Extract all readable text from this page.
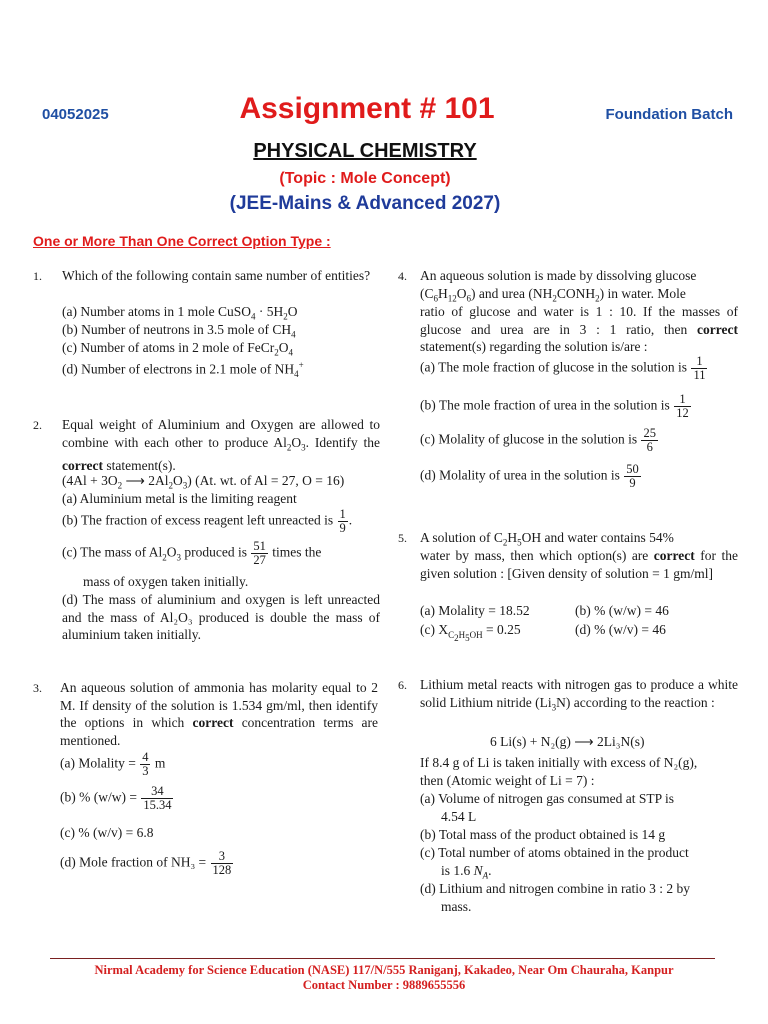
04052025	Assignment # 101	Foundation Batch
PHYSICAL CHEMISTRY
(Topic : Mole Concept)
(JEE-Mains & Advanced 2027)
One or More Than One Correct Option Type :
1. Which of the following contain same number of entities?
(a) Number atoms in 1 mole CuSO$_4$ · $5H_2O$
(b) Number of neutrons in 3.5 mole of $CH_4$
(c) Number of atoms in 2 mole of $FeCr_2O_4$
(d) Number of electrons in 2.1 mole of $NH_4^+$
2. Equal weight of Aluminium and Oxygen are allowed to combine with each other to produce $Al_2O_3$. Identify the correct statement(s).
($4Al + 3O_2$ ⟶ $2Al_2O_3$) (At. wt. of Al = 27, O = 16)
(a) Aluminium metal is the limiting reagent
(b) The fraction of excess reagent left unreacted is $\frac{1}{9}$ .
(c) The mass of $Al_2O_3$ produced is $\frac{51}{27}$ times the
mass of oxygen taken initially.
(d) The mass of aluminium and oxygen is left unreacted and the mass of Al₂O₃ produced is double the mass of aluminium taken initially.
3. An aqueous solution of ammonia has molarity equal to 2 M. If density of the solution is 1.534 gm/ml, then identify the options in which correct concentration terms are mentioned.
(a) Molality = $\frac{4}{3}$ m
(b) % $(w/w) = \frac{34}{15.34}$
(c) % (w/v) = 6.8
(d) Mole fraction of $NH_3 = \frac{3}{128}$
4. An aqueous solution is made by dissolving glucose
$(C_6H_{12}O_6)$ and urea $(NH_2CONH_2)$ in water. Mole
ratio of glucose and water is 1 : 10. If the masses of glucose and urea are in 3 : 1 ratio, then correct statement(s) regarding the solution is/are :
(a) The mole fraction of glucose in the solution is $\frac{1}{11}$
(b) The mole fraction of urea in the solution is $\frac{1}{12}$
(c) Molality of glucose in the solution is $\frac{25}{6}$
(d) Molality of urea in the solution is $\frac{50}{9}$
5. A solution of $C_2H_5OH$ and water contains 54%
water by mass, then which option(s) are correct for the given solution : [Given density of solution = 1 gm/ml]
(a) Molality = 18.52	(b) % (w/w) = 46
(c) $X_{C_2H_5OH} = 0.25$	(d) % (w/v) = 46
6. Lithium metal reacts with nitrogen gas to produce a white solid Lithium nitride $(Li_3N)$ according to the reaction :
6 Li(s) + N₂(g) ⟶ 2Li₃N(s)
If 8.4 g of Li is taken initially with excess of N₂(g),
then (Atomic weight of Li = 7) :
(a) Volume of nitrogen gas consumed at STP is
4.54 L
(b) Total mass of the product obtained is 14 g
(c) Total number of atoms obtained in the product
is 1.6 $N_A$.
(d) Lithium and nitrogen combine in ratio 3 : 2 by
mass.
Nirmal Academy for Science Education (NASE) 117/N/555 Raniganj, Kakadeo, Near Om Chauraha, Kanpur
Contact Number : 9889655556
